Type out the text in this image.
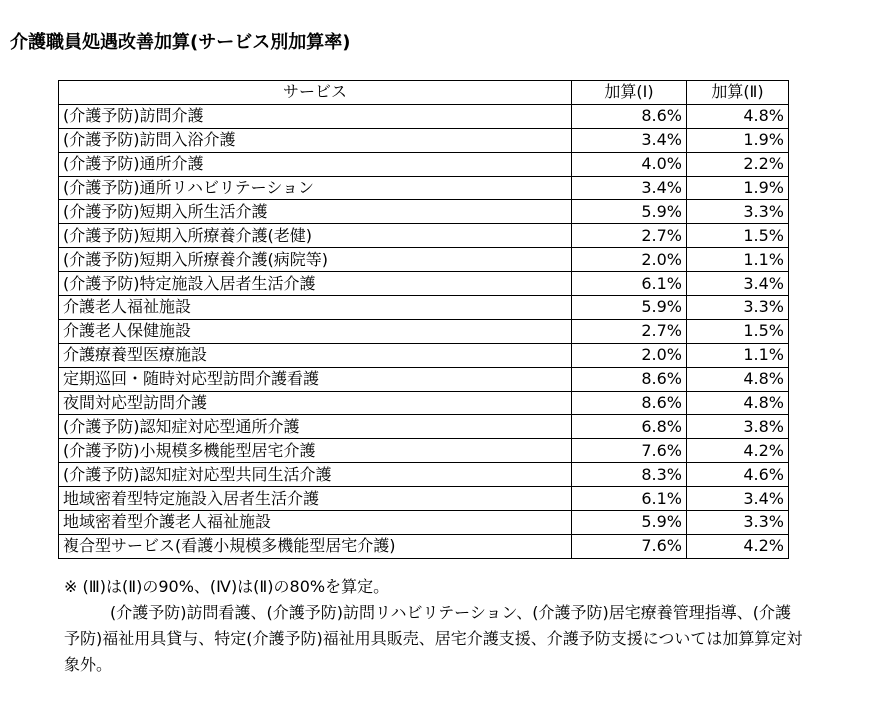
介護職員処遇改善加算(サービス別加算率)
サービス	加算(Ⅰ)	加算(Ⅱ)
(介護予防)訪問介護	8.6%	4.8%
(介護予防)訪問入浴介護	3.4%	1.9%
(介護予防)通所介護	4.0%	2.2%
(介護予防)通所リハビリテーション	3.4%	1.9%
(介護予防)短期入所生活介護	5.9%	3.3%
(介護予防)短期入所療養介護(老健)	2.7%	1.5%
(介護予防)短期入所療養介護(病院等)	2.0%	1.1%
(介護予防)特定施設入居者生活介護	6.1%	3.4%
介護老人福祉施設	5.9%	3.3%
介護老人保健施設	2.7%	1.5%
介護療養型医療施設	2.0%	1.1%
定期巡回・随時対応型訪問介護看護	8.6%	4.8%
夜間対応型訪問介護	8.6%	4.8%
(介護予防)認知症対応型通所介護	6.8%	3.8%
(介護予防)小規模多機能型居宅介護	7.6%	4.2%
(介護予防)認知症対応型共同生活介護	8.3%	4.6%
地域密着型特定施設入居者生活介護	6.1%	3.4%
地域密着型介護老人福祉施設	5.9%	3.3%
複合型サービス(看護小規模多機能型居宅介護)	7.6%	4.2%

※ (Ⅲ)は(Ⅱ)の90%、(Ⅳ)は(Ⅱ)の80%を算定。

(介護予防)訪問看護、(介護予防)訪問リハビリテーション、(介護予防)居宅療養管理指導、(介護予防)福祉用具貸与、特定(介護予防)福祉用具販売、居宅介護支援、介護予防支援については加算算定対象外。
